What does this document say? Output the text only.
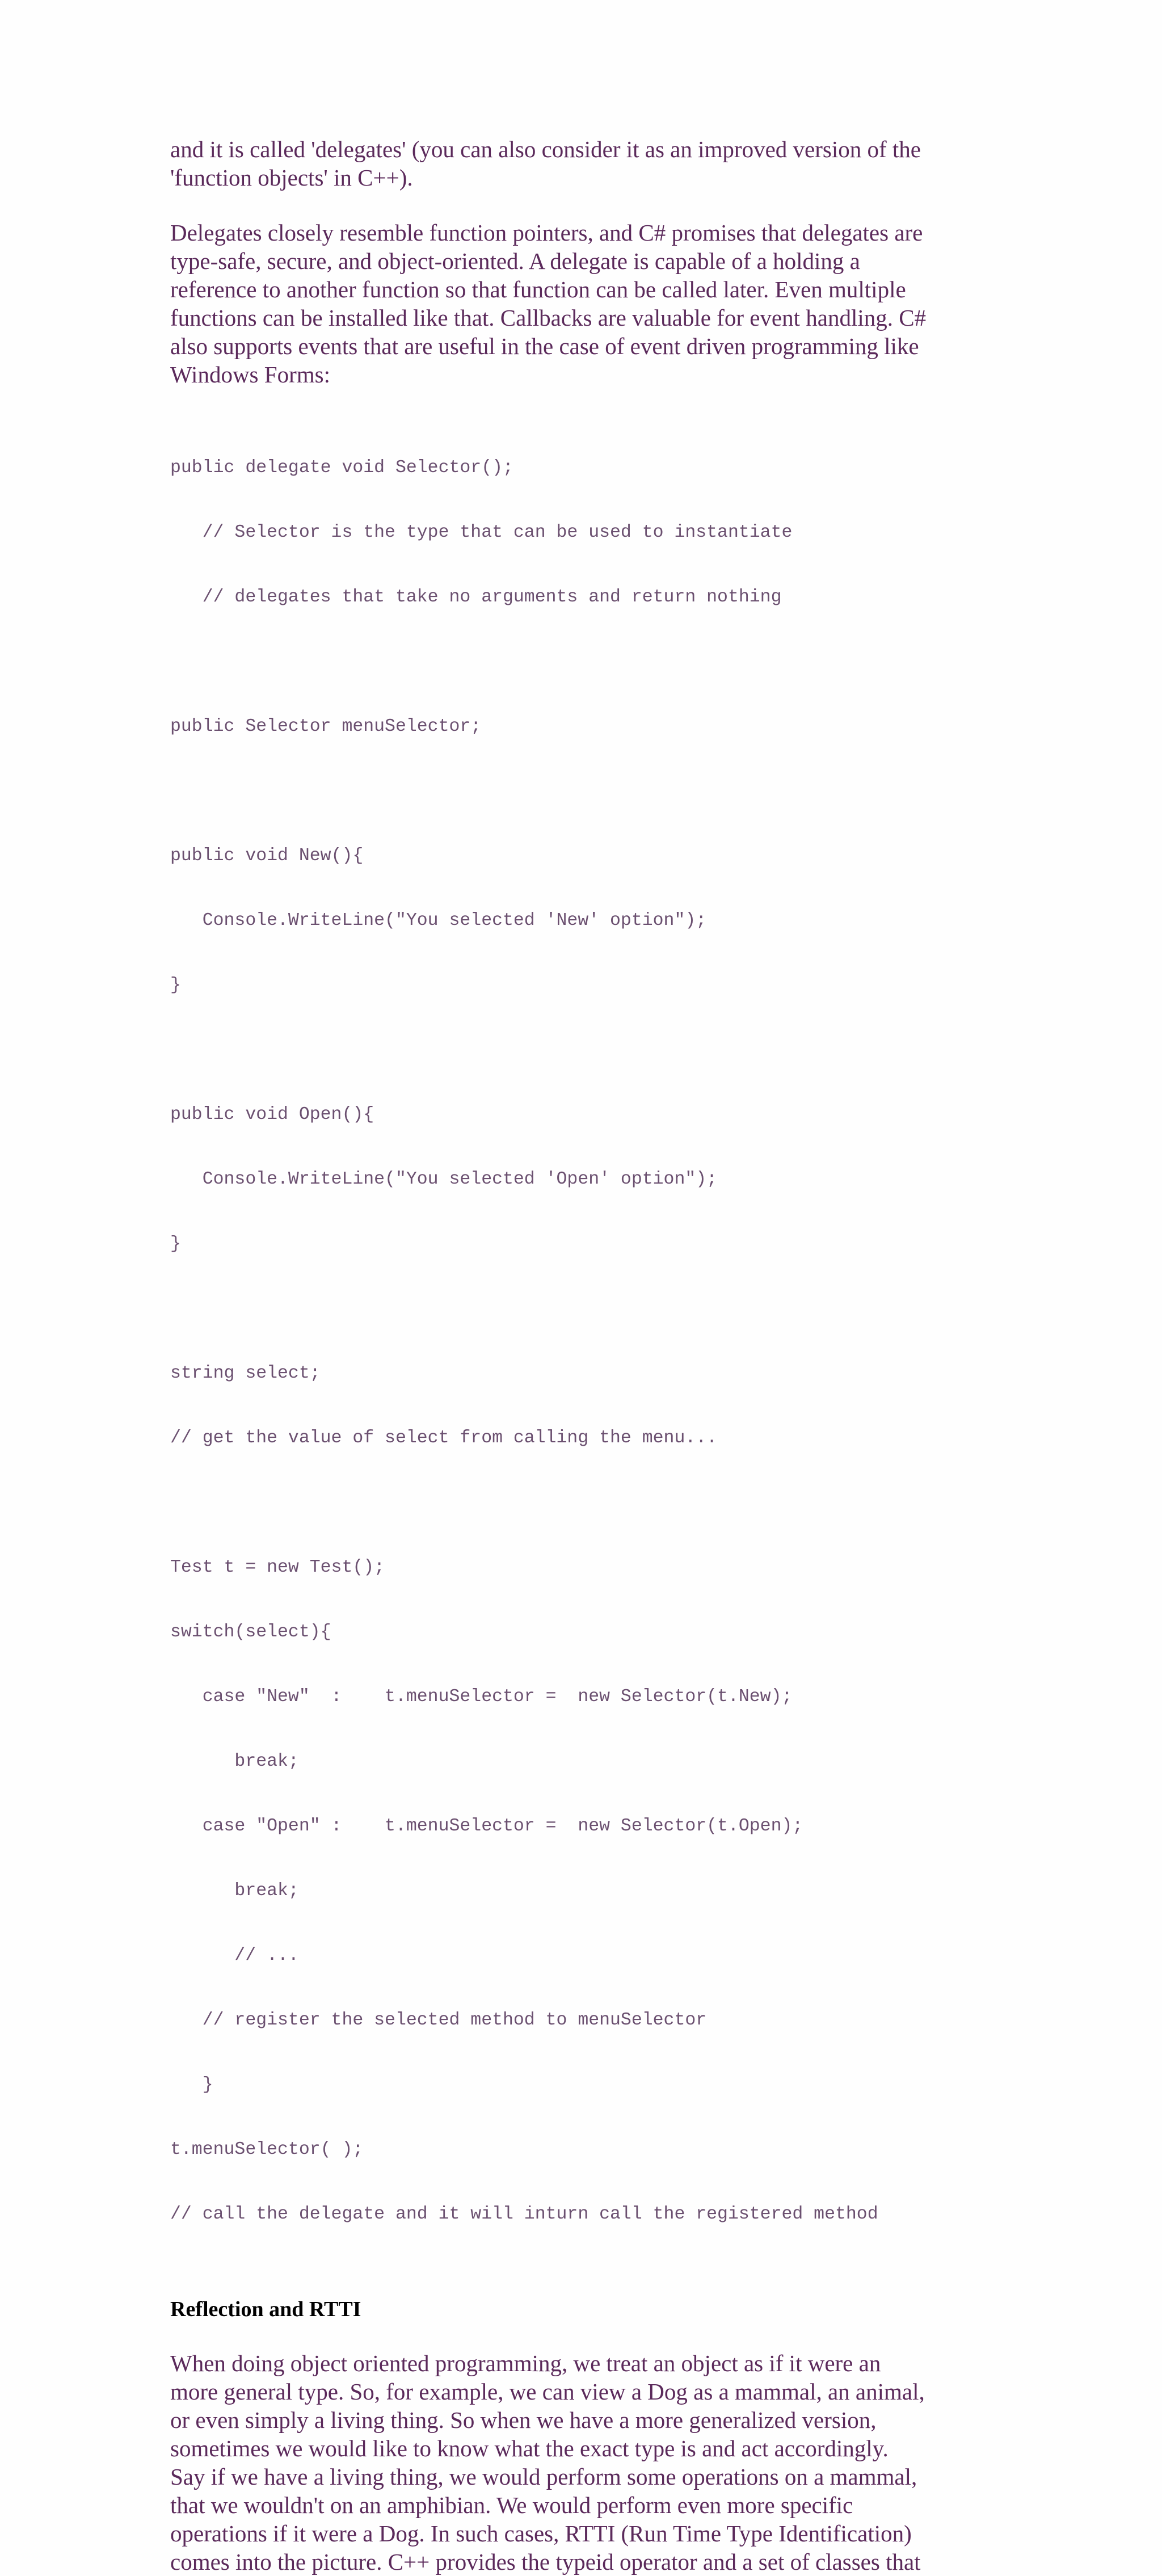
and it is called 'delegates' (you can also consider it as an improved version of the
'function objects' in C++).

Delegates closely resemble function pointers, and C# promises that delegates are
type-safe, secure, and object-oriented. A delegate is capable of a holding a
reference to another function so that function can be called later. Even multiple
functions can be installed like that. Callbacks are valuable for event handling. C#
also supports events that are useful in the case of event driven programming like
Windows Forms:

public delegate void Selector();

// Selector is the type that can be used to instantiate

// delegates that take no arguments and return nothing

public Selector menuSelector;

public void New(){

Console.WriteLine("You selected 'New' option");

}

public void Open(){

Console.WriteLine("You selected 'Open' option");

}

string select;

// get the value of select from calling the menu...

Test t = new Test();

switch(select){

case "New"  :    t.menuSelector =  new Selector(t.New);

break;

case "Open" :    t.menuSelector =  new Selector(t.Open);

break;

// ...

// register the selected method to menuSelector

}

t.menuSelector( );

// call the delegate and it will inturn call the registered method

Reflection and RTTI

When doing object oriented programming, we treat an object as if it were an
more general type. So, for example, we can view a Dog as a mammal, an animal,
or even simply a living thing. So when we have a more generalized version,
sometimes we would like to know what the exact type is and act accordingly.
Say if we have a living thing, we would perform some operations on a mammal,
that we wouldn't on an amphibian. We would perform even more specific
operations if it were a Dog. In such cases, RTTI (Run Time Type Identification)
comes into the picture. C++ provides the typeid operator and a set of classes that
